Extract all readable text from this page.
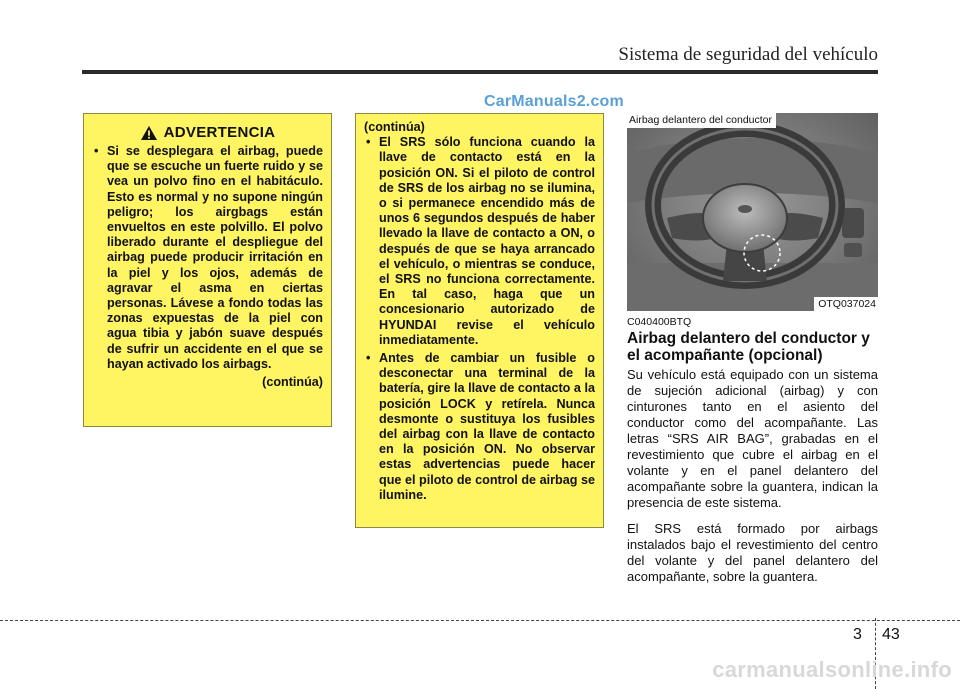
Sistema de seguridad del vehículo
CarManuals2.com
ADVERTENCIA
• Si se desplegara el airbag, puede que se escuche un fuerte ruido y se vea un polvo fino en el habitáculo. Esto es normal y no supone ningún peligro; los airgbags están envueltos en este polvillo. El polvo liberado durante el despliegue del airbag puede producir irritación en la piel y los ojos, además de agravar el asma en ciertas personas. Lávese a fondo todas las zonas expuestas de la piel con agua tibia y jabón suave después de sufrir un accidente en el que se hayan activado los airbags.
(continúa)
(continúa)
• El SRS sólo funciona cuando la llave de contacto está en la posición ON. Si el piloto de control de SRS de los airbag no se ilumina, o si permanece encendido más de unos 6 segundos después de haber llevado la llave de contacto a ON, o después de que se haya arrancado el vehículo, o mientras se conduce, el SRS no funciona correctamente. En tal caso, haga que un concesionario autorizado de HYUNDAI revise el vehículo inmediatamente.
• Antes de cambiar un fusible o desconectar una terminal de la batería, gire la llave de contacto a la posición LOCK y retírela. Nunca desmonte o sustituya los fusibles del airbag con la llave de contacto en la posición ON. No observar estas advertencias puede hacer que el piloto de control de airbag se ilumine.
Airbag delantero del conductor
OTQ037024
C040400BTQ
Airbag delantero del conductor y el acompañante (opcional)
Su vehículo está equipado con un sistema de sujeción adicional (airbag) y con cinturones tanto en el asiento del conductor como del acompañante. Las letras “SRS AIR BAG”, grabadas en el revestimiento que cubre el airbag en el volante y en el panel delantero del acompañante sobre la guantera, indican la presencia de este sistema.
El SRS está formado por airbags instalados bajo el revestimiento del centro del volante y del panel delantero del acompañante, sobre la guantera.
3 43
carmanualsonline.info
